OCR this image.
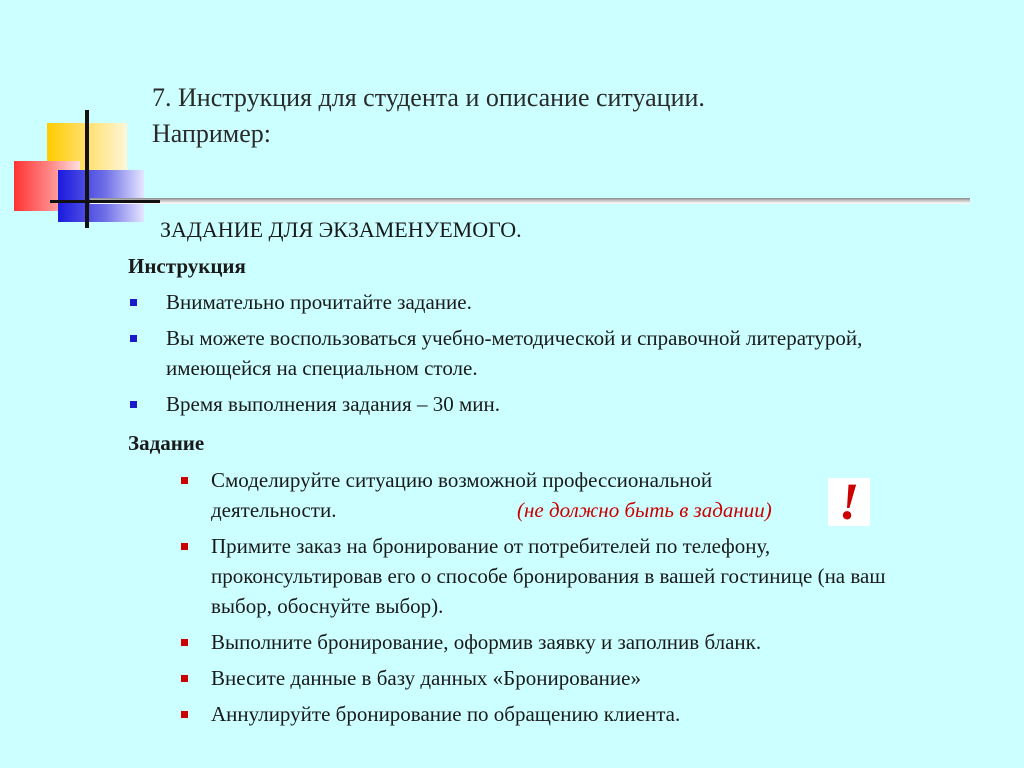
7. Инструкция для студента и описание ситуации.
Например:
ЗАДАНИЕ ДЛЯ ЭКЗАМЕНУЕМОГО.
Инструкция
Внимательно прочитайте задание.
Вы можете воспользоваться учебно-методической и справочной литературой, имеющейся на специальном столе.
Время выполнения задания – 30 мин.
Задание
Смоделируйте ситуацию возможной профессиональной
деятельности.	(не должно быть в задании)
Примите заказ на бронирование от потребителей по телефону, проконсультировав его о способе бронирования в вашей гостинице (на ваш выбор, обоснуйте выбор).
Выполните бронирование, оформив заявку и заполнив бланк.
Внесите данные в базу данных «Бронирование»
Аннулируйте бронирование по обращению клиента.
!
